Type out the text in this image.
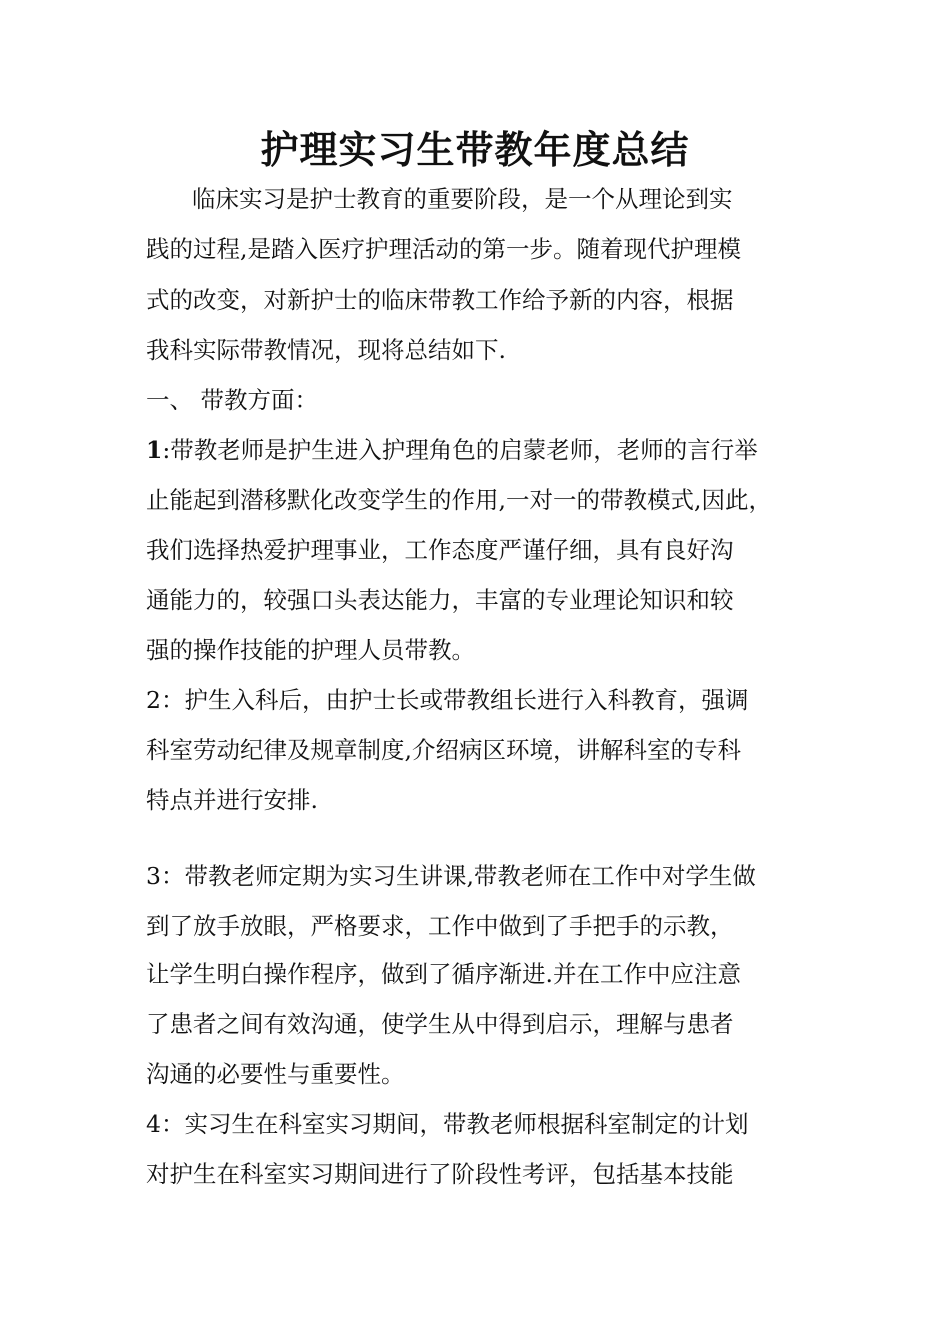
护理实习生带教年度总结
临床实习是护士教育的重要阶段，是一个从理论到实
践的过程,是踏入医疗护理活动的第一步。随着现代护理模
式的改变，对新护士的临床带教工作给予新的内容，根据
我科实际带教情况，现将总结如下.
一、 带教方面：
1:带教老师是护生进入护理角色的启蒙老师，老师的言行举
止能起到潜移默化改变学生的作用,一对一的带教模式,因此，
我们选择热爱护理事业，工作态度严谨仔细，具有良好沟
通能力的，较强口头表达能力，丰富的专业理论知识和较
强的操作技能的护理人员带教。
2：护生入科后，由护士长或带教组长进行入科教育，强调
科室劳动纪律及规章制度,介绍病区环境，讲解科室的专科
特点并进行安排.
3：带教老师定期为实习生讲课,带教老师在工作中对学生做
到了放手放眼，严格要求，工作中做到了手把手的示教，
让学生明白操作程序，做到了循序渐进.并在工作中应注意
了患者之间有效沟通，使学生从中得到启示，理解与患者
沟通的必要性与重要性。
4：实习生在科室实习期间，带教老师根据科室制定的计划
对护生在科室实习期间进行了阶段性考评，包括基本技能
